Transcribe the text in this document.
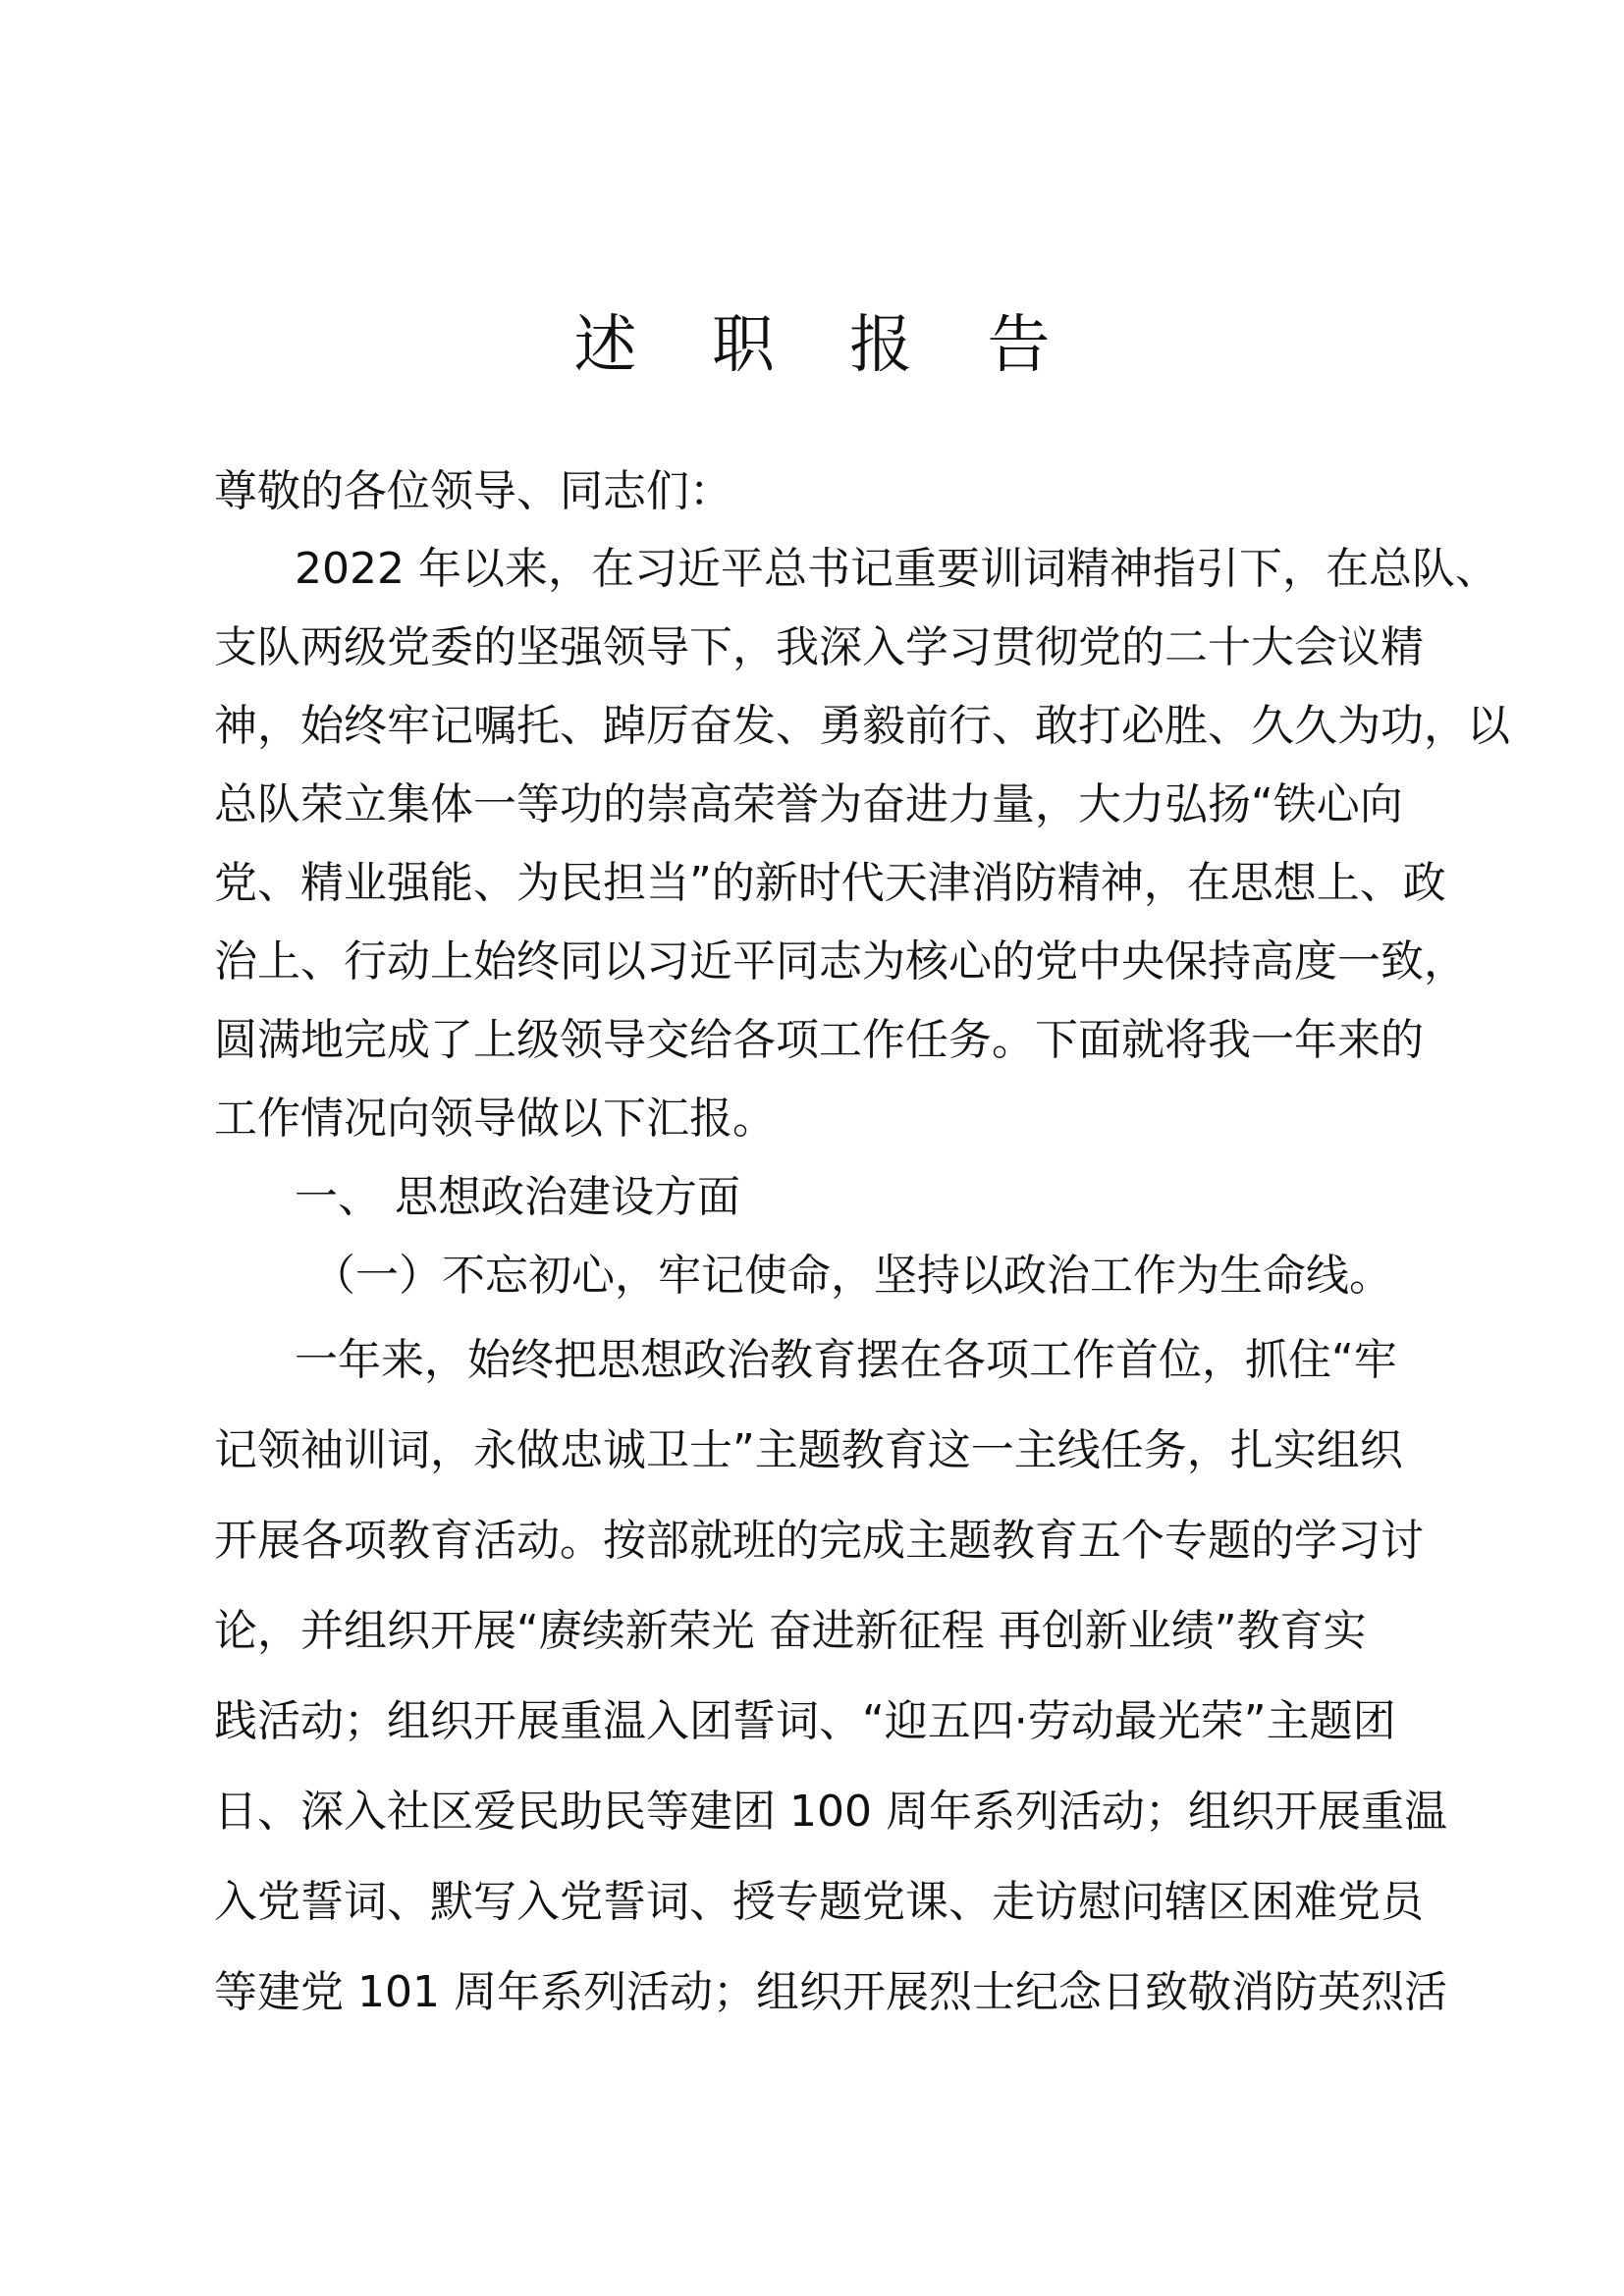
述 职 报 告

尊敬的各位领导、同志们：

2022 年以来，在习近平总书记重要训词精神指引下，在总队、

支队两级党委的坚强领导下，我深入学习贯彻党的二十大会议精

神，始终牢记嘱托、踔厉奋发、勇毅前行、敢打必胜、久久为功，以

总队荣立集体一等功的崇高荣誉为奋进力量，大力弘扬“铁心向

党、精业强能、为民担当”的新时代天津消防精神，在思想上、政

治上、行动上始终同以习近平同志为核心的党中央保持高度一致，

圆满地完成了上级领导交给各项工作任务。下面就将我一年来的

工作情况向领导做以下汇报。

一、 思想政治建设方面

（一）不忘初心，牢记使命，坚持以政治工作为生命线。

一年来，始终把思想政治教育摆在各项工作首位，抓住“牢

记领袖训词，永做忠诚卫士”主题教育这一主线任务，扎实组织

开展各项教育活动。按部就班的完成主题教育五个专题的学习讨

论，并组织开展“赓续新荣光 奋进新征程 再创新业绩”教育实

践活动；组织开展重温入团誓词、“迎五四·劳动最光荣”主题团

日、深入社区爱民助民等建团 100 周年系列活动；组织开展重温

入党誓词、默写入党誓词、授专题党课、走访慰问辖区困难党员

等建党 101 周年系列活动；组织开展烈士纪念日致敬消防英烈活
